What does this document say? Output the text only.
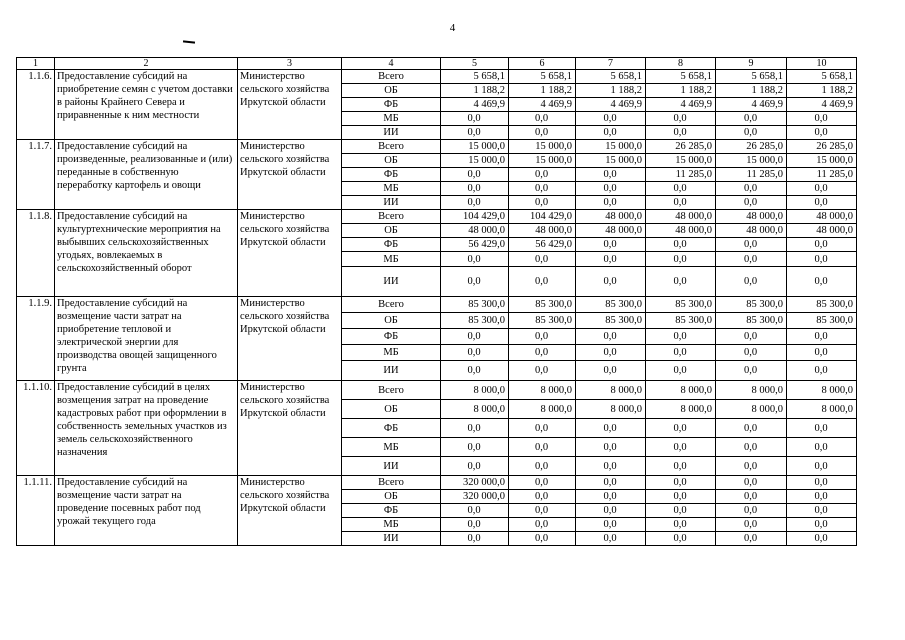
4
1	2	3	4	5	6	7	8	9	10

1.1.6.	Предоставление субсидий на приобретение семян с учетом доставки в районы Крайнего Севера и приравненные к ним местности	Министерство сельского хозяйства Иркутской области	Всего	5 658,1	5 658,1	5 658,1	5 658,1	5 658,1	5 658,1
			ОБ	1 188,2	1 188,2	1 188,2	1 188,2	1 188,2	1 188,2
			ФБ	4 469,9	4 469,9	4 469,9	4 469,9	4 469,9	4 469,9
			МБ	0,0	0,0	0,0	0,0	0,0	0,0
			ИИ	0,0	0,0	0,0	0,0	0,0	0,0

1.1.7.	Предоставление субсидий на произведенные, реализованные и (или) переданные в собственную переработку картофель и овощи	Министерство сельского хозяйства Иркутской области	Всего	15 000,0	15 000,0	15 000,0	26 285,0	26 285,0	26 285,0
			ОБ	15 000,0	15 000,0	15 000,0	15 000,0	15 000,0	15 000,0
			ФБ	0,0	0,0	0,0	11 285,0	11 285,0	11 285,0
			МБ	0,0	0,0	0,0	0,0	0,0	0,0
			ИИ	0,0	0,0	0,0	0,0	0,0	0,0

1.1.8.	Предоставление субсидий на культуртехнические мероприятия на выбывших сельскохозяйственных угодьях, вовлекаемых в сельскохозяйственный оборот	Министерство сельского хозяйства Иркутской области	Всего	104 429,0	104 429,0	48 000,0	48 000,0	48 000,0	48 000,0
			ОБ	48 000,0	48 000,0	48 000,0	48 000,0	48 000,0	48 000,0
			ФБ	56 429,0	56 429,0	0,0	0,0	0,0	0,0
			МБ	0,0	0,0	0,0	0,0	0,0	0,0
			ИИ	0,0	0,0	0,0	0,0	0,0	0,0

1.1.9.	Предоставление субсидий на возмещение части затрат на приобретение тепловой и электрической энергии для производства овощей защищенного грунта	Министерство сельского хозяйства Иркутской области	Всего	85 300,0	85 300,0	85 300,0	85 300,0	85 300,0	85 300,0
			ОБ	85 300,0	85 300,0	85 300,0	85 300,0	85 300,0	85 300,0
			ФБ	0,0	0,0	0,0	0,0	0,0	0,0
			МБ	0,0	0,0	0,0	0,0	0,0	0,0
			ИИ	0,0	0,0	0,0	0,0	0,0	0,0

1.1.10.	Предоставление субсидий в целях возмещения затрат на проведение кадастровых работ при оформлении в собственность земельных участков из земель сельскохозяйственного назначения	Министерство сельского хозяйства Иркутской области	Всего	8 000,0	8 000,0	8 000,0	8 000,0	8 000,0	8 000,0
			ОБ	8 000,0	8 000,0	8 000,0	8 000,0	8 000,0	8 000,0
			ФБ	0,0	0,0	0,0	0,0	0,0	0,0
			МБ	0,0	0,0	0,0	0,0	0,0	0,0
			ИИ	0,0	0,0	0,0	0,0	0,0	0,0

1.1.11.	Предоставление субсидий на возмещение части затрат на проведение посевных работ под урожай текущего года	Министерство сельского хозяйства Иркутской области	Всего	320 000,0	0,0	0,0	0,0	0,0	0,0
			ОБ	320 000,0	0,0	0,0	0,0	0,0	0,0
			ФБ	0,0	0,0	0,0	0,0	0,0	0,0
			МБ	0,0	0,0	0,0	0,0	0,0	0,0
			ИИ	0,0	0,0	0,0	0,0	0,0	0,0
